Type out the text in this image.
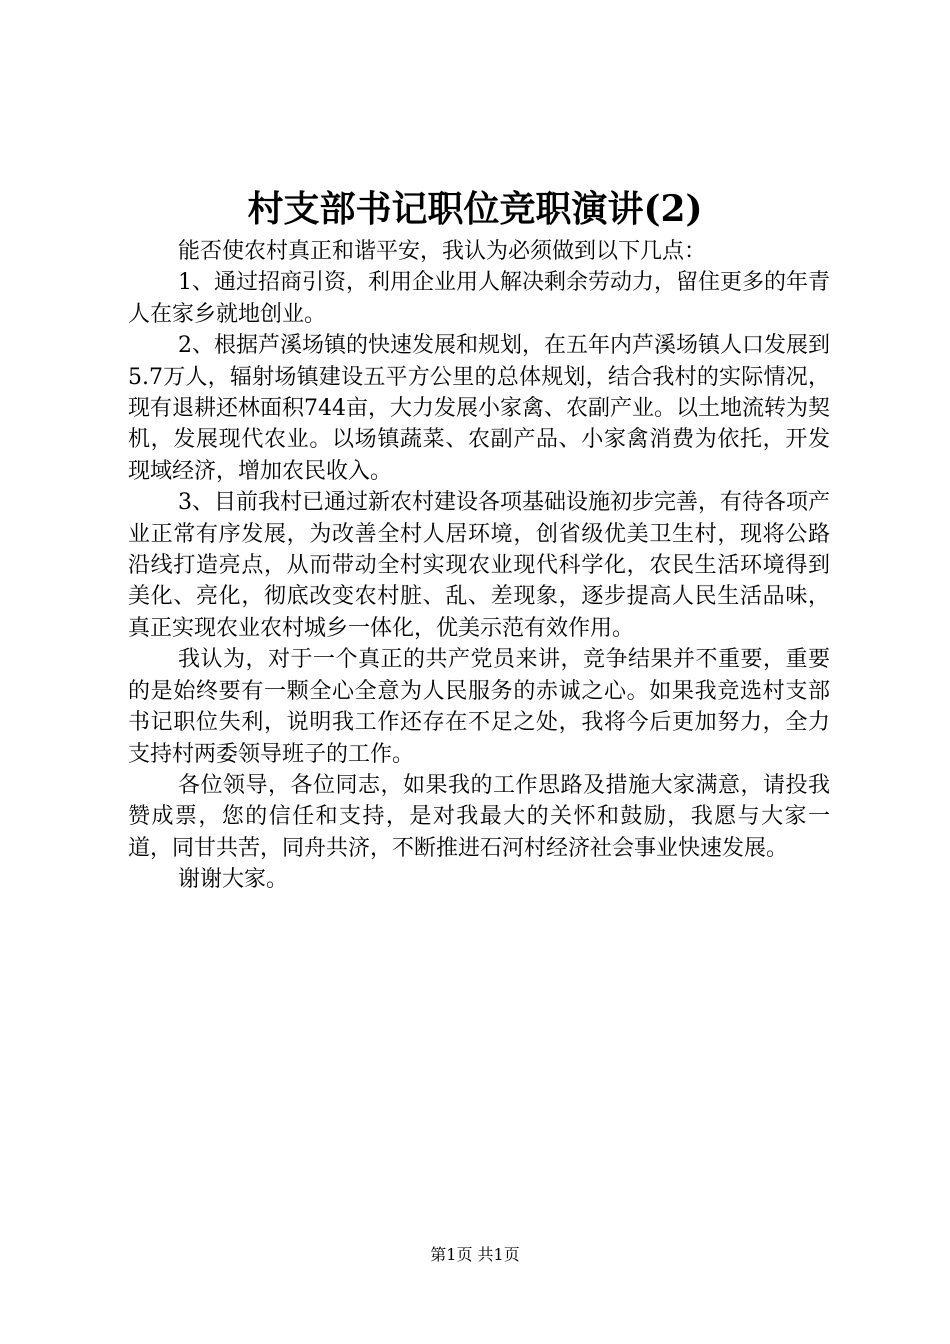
村支部书记职位竞职演讲(2)

能否使农村真正和谐平安，我认为必须做到以下几点：

1、通过招商引资，利用企业用人解决剩余劳动力，留住更多的年青人在家乡就地创业。

2、根据芦溪场镇的快速发展和规划，在五年内芦溪场镇人口发展到5.7万人，辐射场镇建设五平方公里的总体规划，结合我村的实际情况，现有退耕还林面积744亩，大力发展小家禽、农副产业。以土地流转为契机，发展现代农业。以场镇蔬菜、农副产品、小家禽消费为依托，开发现域经济，增加农民收入。

3、目前我村已通过新农村建设各项基础设施初步完善，有待各项产业正常有序发展，为改善全村人居环境，创省级优美卫生村，现将公路沿线打造亮点，从而带动全村实现农业现代科学化，农民生活环境得到美化、亮化，彻底改变农村脏、乱、差现象，逐步提高人民生活品味，真正实现农业农村城乡一体化，优美示范有效作用。

我认为，对于一个真正的共产党员来讲，竞争结果并不重要，重要的是始终要有一颗全心全意为人民服务的赤诚之心。如果我竞选村支部书记职位失利，说明我工作还存在不足之处，我将今后更加努力，全力支持村两委领导班子的工作。

各位领导，各位同志，如果我的工作思路及措施大家满意，请投我赞成票，您的信任和支持，是对我最大的关怀和鼓励，我愿与大家一道，同甘共苦，同舟共济，不断推进石河村经济社会事业快速发展。

谢谢大家。

第1页 共1页
